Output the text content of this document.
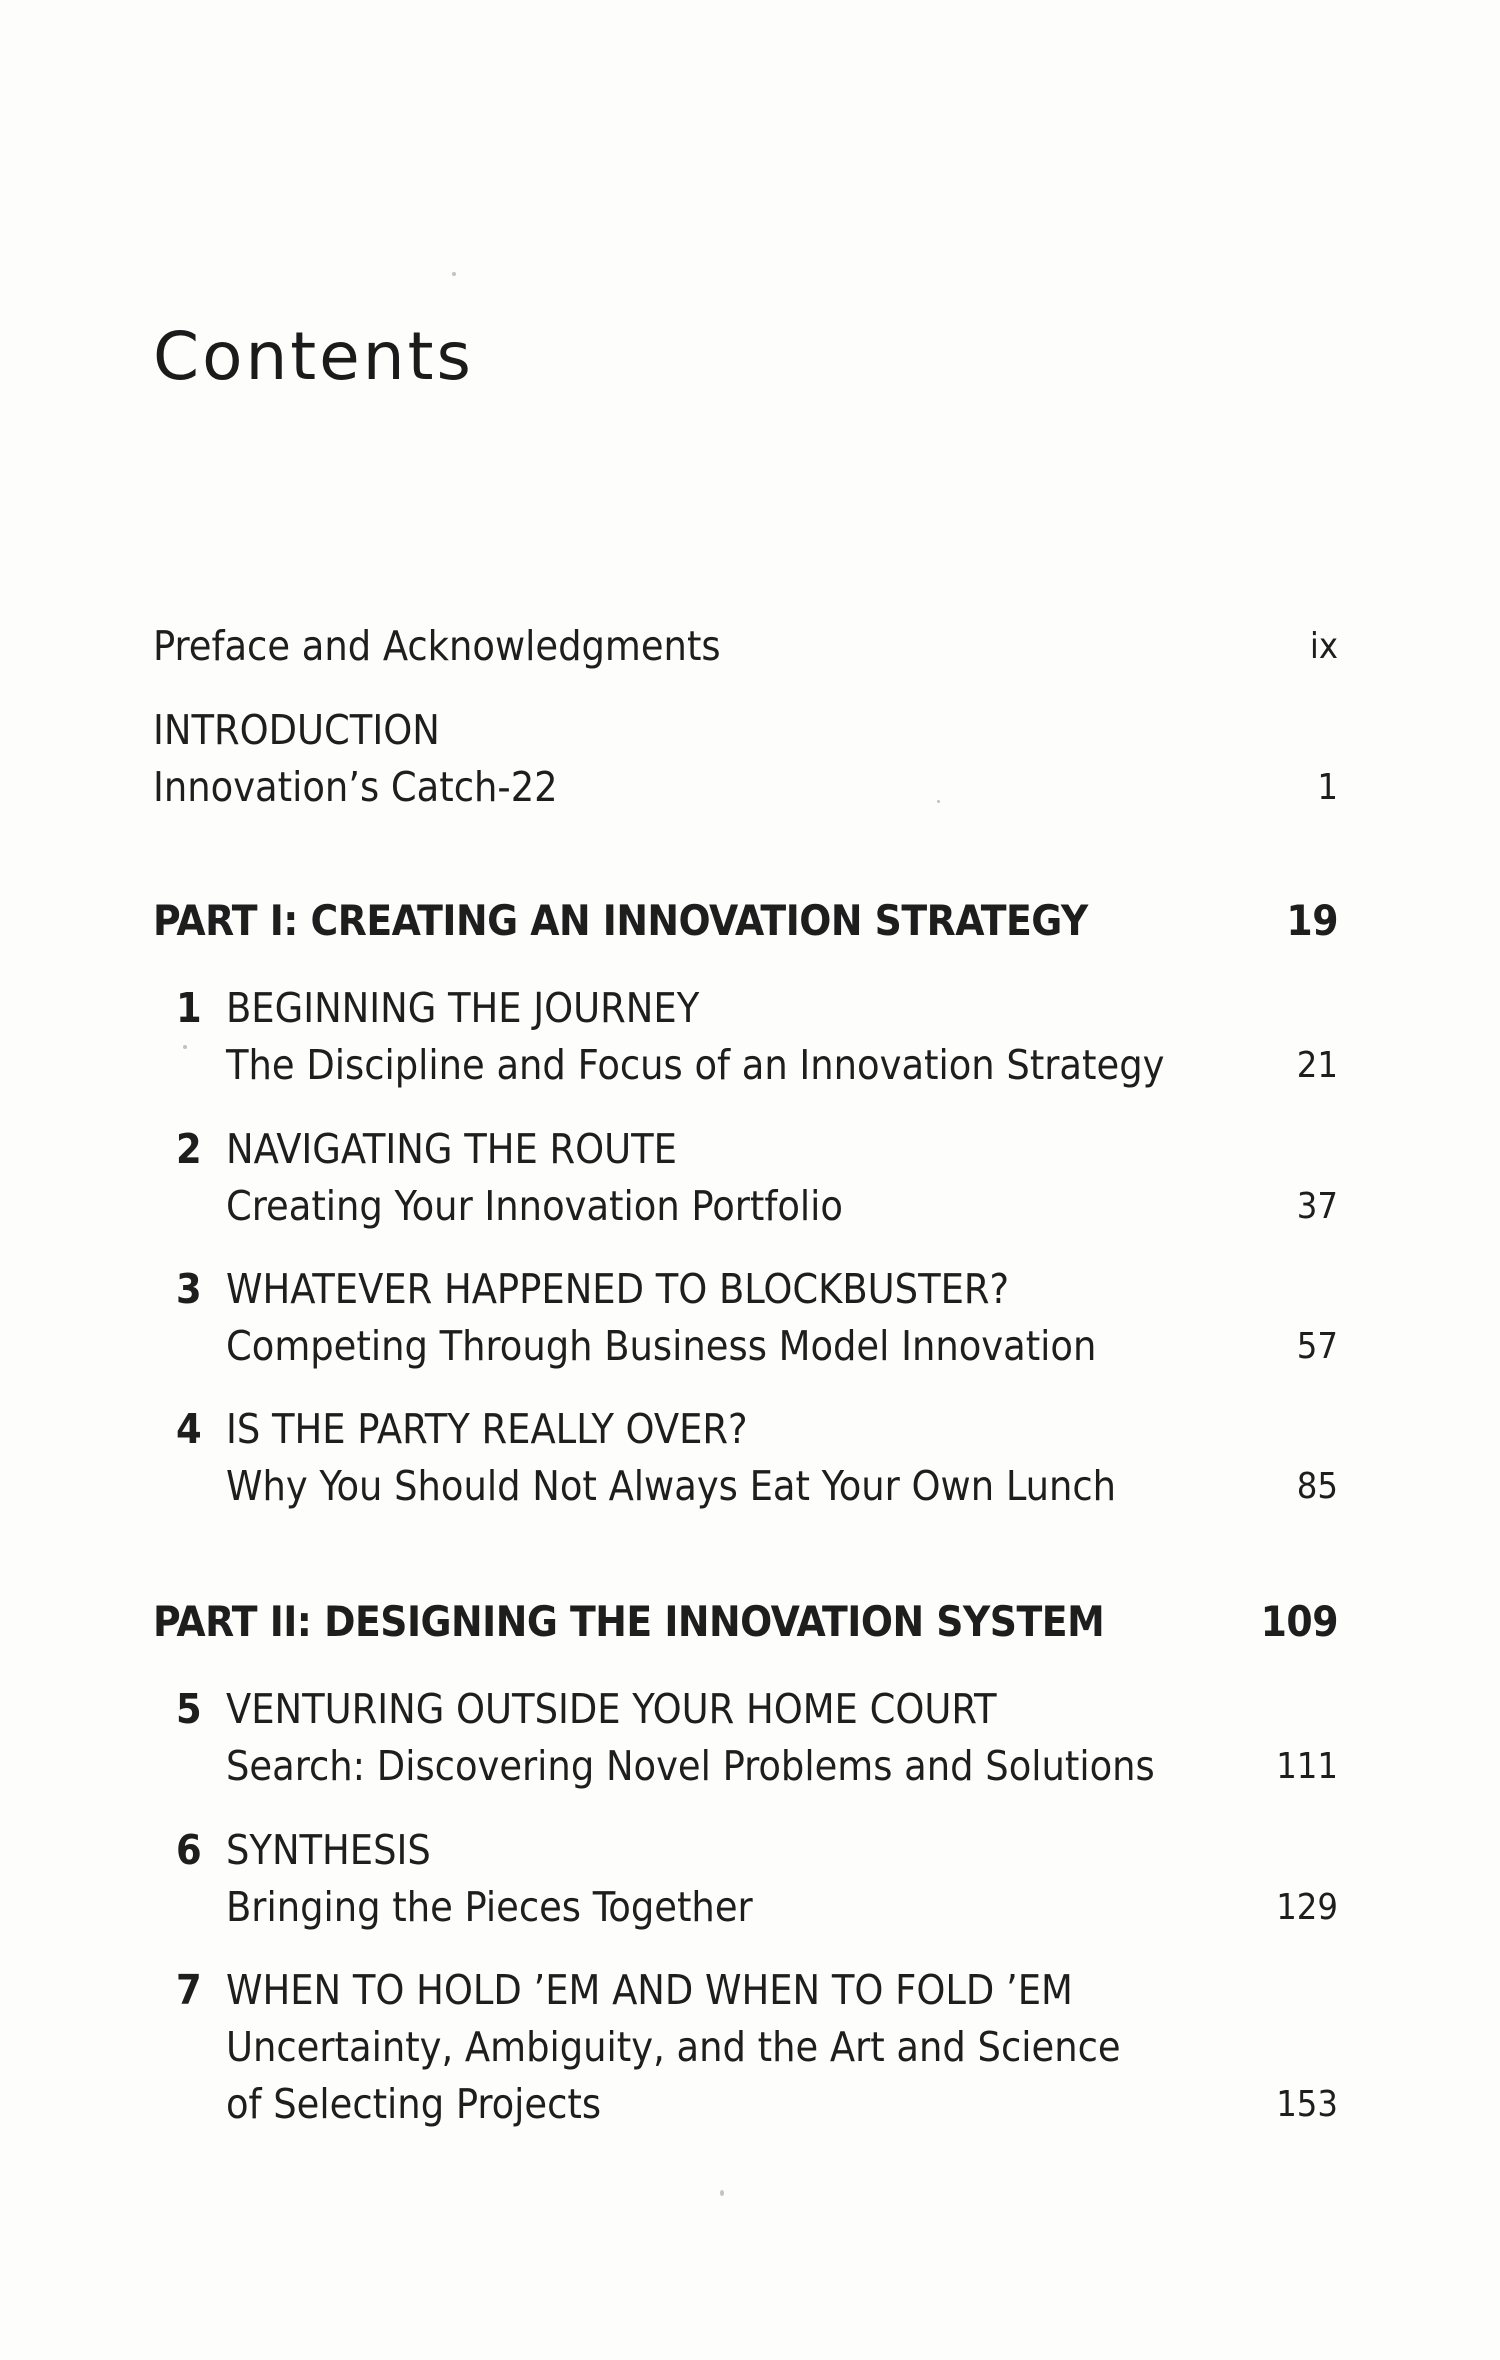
Contents
Preface and Acknowledgments	ix
INTRODUCTION
Innovation’s Catch-22	1
PART I: CREATING AN INNOVATION STRATEGY	19
1 BEGINNING THE JOURNEY
The Discipline and Focus of an Innovation Strategy	21
2 NAVIGATING THE ROUTE
Creating Your Innovation Portfolio	37
3 WHATEVER HAPPENED TO BLOCKBUSTER?
Competing Through Business Model Innovation	57
4 IS THE PARTY REALLY OVER?
Why You Should Not Always Eat Your Own Lunch	85
PART II: DESIGNING THE INNOVATION SYSTEM	109
5 VENTURING OUTSIDE YOUR HOME COURT
Search: Discovering Novel Problems and Solutions	111
6 SYNTHESIS
Bringing the Pieces Together	129
7 WHEN TO HOLD ’EM AND WHEN TO FOLD ’EM
Uncertainty, Ambiguity, and the Art and Science
of Selecting Projects	153
